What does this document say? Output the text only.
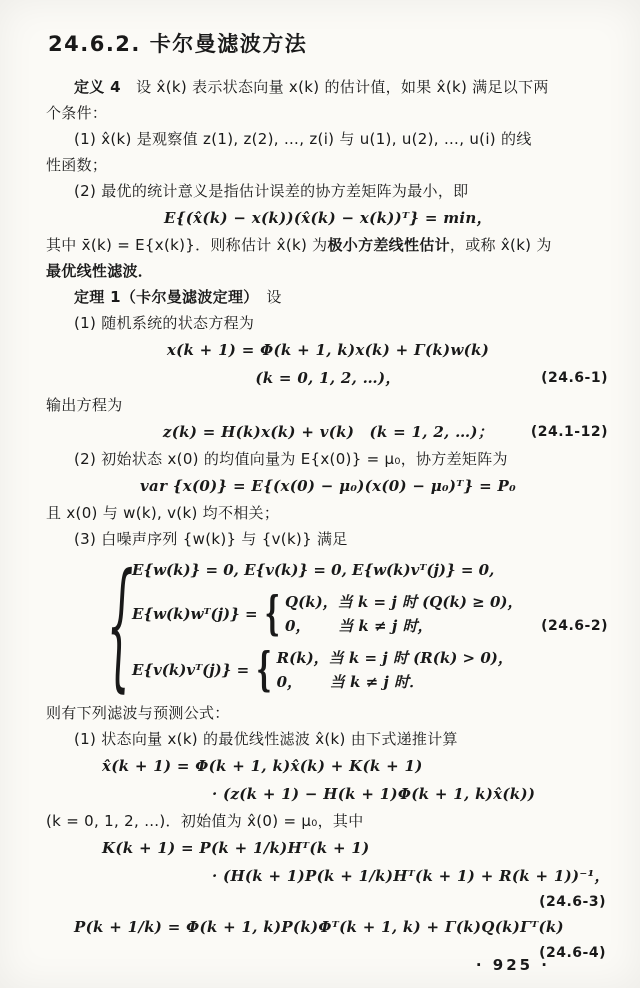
24.6.2. 卡尔曼滤波方法
定义 4　设 x̂(k) 表示状态向量 x(k) 的估计值，如果 x̂(k) 满足以下两
个条件：
(1) x̂(k) 是观察值 z(1), z(2), …, z(i) 与 u(1), u(2), …, u(i) 的线
性函数；
(2) 最优的统计意义是指估计误差的协方差矩阵为最小，即
E{(x̂(k) − x(k))(x̂(k) − x(k))ᵀ} = min，
其中 x̄(k) = E{x(k)}．则称估计 x̂(k) 为极小方差线性估计，或称 x̂(k) 为
最优线性滤波．
定理 1（卡尔曼滤波定理）　设
(1) 随机系统的状态方程为
x(k + 1) = Φ(k + 1, k)x(k) + Γ(k)w(k)
(k = 0, 1, 2, …)，	(24.6-1)
输出方程为
z(k) = H(k)x(k) + v(k)　(k = 1, 2, …)；	(24.1-12)
(2) 初始状态 x(0) 的均值向量为 E{x(0)} = μ₀，协方差矩阵为
var {x(0)} = E{(x(0) − μ₀)(x(0) − μ₀)ᵀ} = P₀
且 x(0) 与 w(k), v(k) 均不相关；
(3) 白噪声序列 {w(k)} 与 {v(k)} 满足
{
E{w(k)} = 0, E{v(k)} = 0, E{w(k)vᵀ(j)} = 0,
E{w(k)wᵀ(j)} = { Q(k)，当 k = j 时 (Q(k) ≥ 0)，
0，　　 当 k ≠ j 时，
E{v(k)vᵀ(j)} = { R(k)，当 k = j 时 (R(k) > 0)，
0，　　 当 k ≠ j 时．
(24.6-2)
则有下列滤波与预测公式：
(1) 状态向量 x(k) 的最优线性滤波 x̂(k) 由下式递推计算
x̂(k + 1) = Φ(k + 1, k)x̂(k) + K(k + 1)
· (z(k + 1) − H(k + 1)Φ(k + 1, k)x̂(k))
(k = 0, 1, 2, …)．初始值为 x̂(0) = μ₀，其中
K(k + 1) = P(k + 1/k)Hᵀ(k + 1)
· (H(k + 1)P(k + 1/k)Hᵀ(k + 1) + R(k + 1))⁻¹，
(24.6-3)
P(k + 1/k) = Φ(k + 1, k)P(k)Φᵀ(k + 1, k) + Γ(k)Q(k)Γᵀ(k)
(24.6-4)
· 925 ·
